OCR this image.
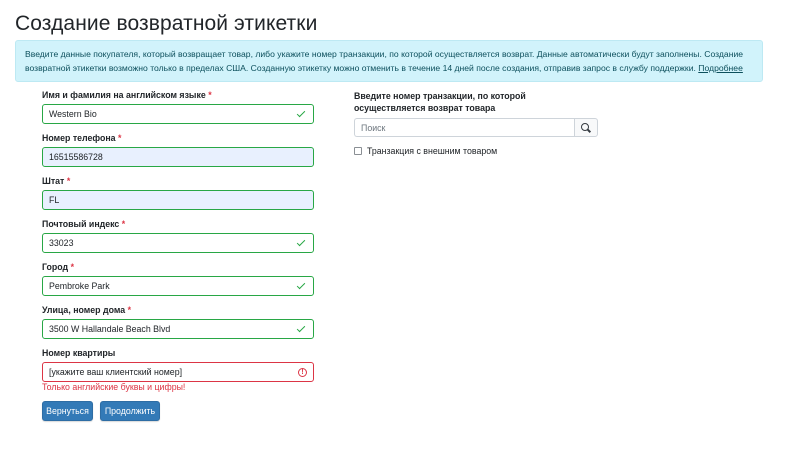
Создание возвратной этикетки
Введите данные покупателя, который возвращает товар, либо укажите номер транзакции, по которой осуществляется возврат. Данные автоматически будут заполнены. Создание возвратной этикетки возможно только в пределах США. Созданную этикетку можно отменить в течение 14 дней после создания, отправив запрос в службу поддержки. Подробнее
Имя и фамилия на английском языке *
Western Bio
Номер телефона *
16515586728
Штат *
FL
Почтовый индекс *
33023
Город *
Pembroke Park
Улица, номер дома *
3500 W Hallandale Beach Blvd
Номер квартиры
[укажите ваш клиентский номер]	!
Только английские буквы и цифры!
Вернуться	Продолжить
Введите номер транзакции, по которой осуществляется возврат товара
Поиск
Транзакция с внешним товаром
